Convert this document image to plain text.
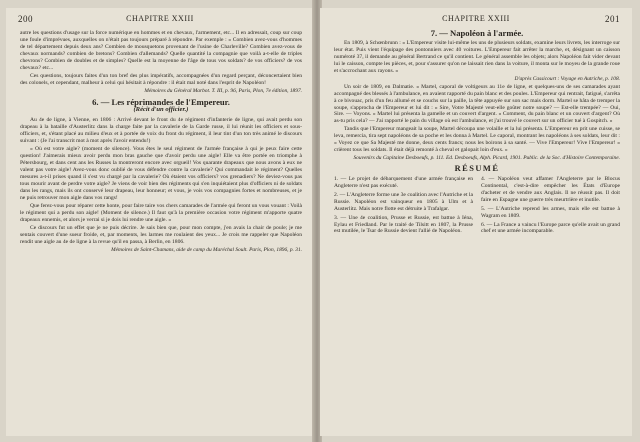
200	CHAPITRE XXIII

autre les questions d'usage sur la force numérique en hommes et en chevaux, l'armement, etc... Il en adressait, coup sur coup une foule d'imprévues, auxquelles on n'était pas toujours préparé à répondre. Par exemple : « Combien avez-vous d'hommes de tel département depuis deux ans? Combien de mousquetons provenant de l'usine de Charleville? Combien avez-vous de chevaux normands? combien de bretons? Combien d'allemands? Quelle quantité la compagnie que voilà a-t-elle de triples chevrons? Combien de doubles et de simples? Quelle est la moyenne de l'âge de tous vos soldats? de vos officiers? de vos chevaux? etc...

Ces questions, toujours faites d'un ton bref des plus impératifs, accompagnées d'un regard perçant, déconcertaient bien des colonels, et cependant, malheur à celui qui hésitait à répondre : il était mal noté dans l'esprit de Napoléon!

Mémoires du Général Marbot. T. III, p. 96, Paris, Plon, 7e édition, 1897.

6. — Les réprimandes de l'Empereur.
(Récit d'un officier.)

Au 4e de ligne, à Vienne, en 1806 : Arrivé devant le front du 4e régiment d'infanterie de ligne, qui avait perdu son drapeau à la bataille d'Austerlitz dans la charge faite par la cavalerie de la Garde russe, il lui réunit les officiers et sous-officiers, et, s'étant placé au milieu d'eux et à portée de voix du front du régiment, il leur tint d'un ton très animé le discours suivant : (Je l'ai transcrit mot à mot après l'avoir entendu!)

« Où est votre aigle? (moment de silence). Vous êtes le seul régiment de l'armée française à qui je peux faire cette question! J'aimerais mieux avoir perdu mon bras gauche que d'avoir perdu une aigle! Elle va être portée en triomphe à Pétersbourg, et dans cent ans les Russes la montreront encore avec orgueil! Vos quarante drapeaux que nous avons à eux ne valent pas votre aigle! Avez-vous donc oublié de vous défendre contre la cavalerie? Qui commandait le régiment? Quelles mesures a-t-il prises quand il s'est vu chargé par la cavalerie? Où étaient vos officiers? vos grenadiers? Ne deviez-vous pas tous mourir avant de perdre votre aigle? Je viens de voir bien des régiments qui s'en inquiétaient plus d'officiers ni de soldats dans les rangs, mais ils ont conservé leur drapeau, leur honneur; et vous, je vois vos compagnies fortes et nombreuses, et je ne puis retrouver mon aigle dans vos rangs!

Que ferez-vous pour réparer cette honte, pour faire taire vos chers camarades de l'armée qui feront un vous vouant : Voilà le régiment qui a perdu son aigle! (Moment de silence.) Il faut qu'à la première occasion votre régiment m'apporte quatre drapeaux ennemis, et alors je verrai si je dois lui rendre une aigle. »

Ce discours fut un effet que je ne puis décrire. Je sais bien que, pour mon compte, j'en avais la chair de poule; je me sentais couvert d'une sueur froide, et, par moments, les larmes me roulaient des yeux... Je crois me rappeler que Napoléon rendit une aigle au 4e de ligne à la revue qu'il en passa, à Berlin, en 1806.

Mémoires de Saint-Chamans, aide de camp du Maréchal Soult. Paris, Plon, 1896, p. 31.

CHAPITRE XXIII	201
7. — Napoléon à l'armée.

En 1809, à Schœnbrunn : « L'Empereur visite lui-même les uns de plusieurs soldats, examine leurs livrets, les interroge sur leur état. Puis vient l'équipage des pontonniers avec 40 voitures. L'Empereur fait arrêter la marche, et, désignant un caisson numéroté 37, il demande au général Bertrand ce qu'il contient. Le général assemble les objets; alors Napoléon fait vider devant lui le caisson, compte les pièces, et, pour s'assurer qu'on ne laissait rien dans la voiture, il monta sur le moyeu de la grande roue et s'accrochant aux rayons. »

D'après Cassicourt : Voyage en Autriche, p. 108.

Un soir de 1809, en Dalmatie. « Martel, caporal de voltigeurs au 11e de ligne, et quelques-uns de ses camarades ayant accompagné des blessés à l'ambulance, en avaient rapporté du pain blanc et des poules. L'Empereur qui rentrait, fatigué, s'arrêta à ce bivouac, pris d'un feu allumé et se couchs sur la paille, la tête appuyée sur son sac mais dorm. Martel se hâta de tremper la soupe, s'approcha de l'Empereur et lui dit : « Sire, Votre Majesté veut-elle goûter notre soupe? — Est-elle trempée? — Oui, Sire. — Voyons. » Martel lui présenta la gamelle et un couvert d'argent. « Comment, du pain blanc et un couvert d'argent? Où as-tu pris cela? — J'ai rapporté le pain du village où est l'ambulance, et j'ai trouvé le couvert sur un officier tué à Gospitch. »

Tandis que l'Empereur mangeait la soupe, Martel découpa une volaille et la lui présenta. L'Empereur en prit une cuisse, se leva, remercia, tira sept napoléons de sa poche et les donna à Martel. Le caporal, montrant les napoléons à ses soldats, leur dit : « Voyez ce que Sa Majesté me donne, deux cents francs; nous les boirons à sa santé. — Vive l'Empereur! Vive l'Empereur! » crièrent tous les soldats. Il était déjà remonté à cheval et galopait loin d'eux. »

Souvenirs du Capitaine Desboeufs, p. 111. Ed. Desboeufs, Alph. Picard, 1901. Public. de la Soc. d'Histoire Contemporaine.

RÉSUMÉ
1. — Le projet de débarquement d'une armée française en Angleterre n'est pas exécuté.
2. — L'Angleterre forme une 3e coalition avec l'Autriche et la Russie. Napoléon est vainqueur en 1805 à Ulm et à Austerlitz. Mais notre flotte est détruite à Trafalgar.
3. — Une 4e coalition, Prusse et Russie, est battue à Iéna, Eylau et Friedland. Par le traité de Tilsitt en 1807, la Prusse est mutilée, le Tsar de Russie devient l'allié de Napoléon.
4. — Napoléon veut affamer l'Angleterre par le Blocus Continental, c'est-à-dire empêcher les États d'Europe d'acheter et de vendre aux Anglais. Il ne réussit pas. Il doit faire en Espagne une guerre très meurtrière et inutile.
5. — L'Autriche reprend les armes, mais elle est battue à Wagram en 1809.
6. — La France a vaincu l'Europe parce qu'elle avait un grand chef et une armée incomparable.
